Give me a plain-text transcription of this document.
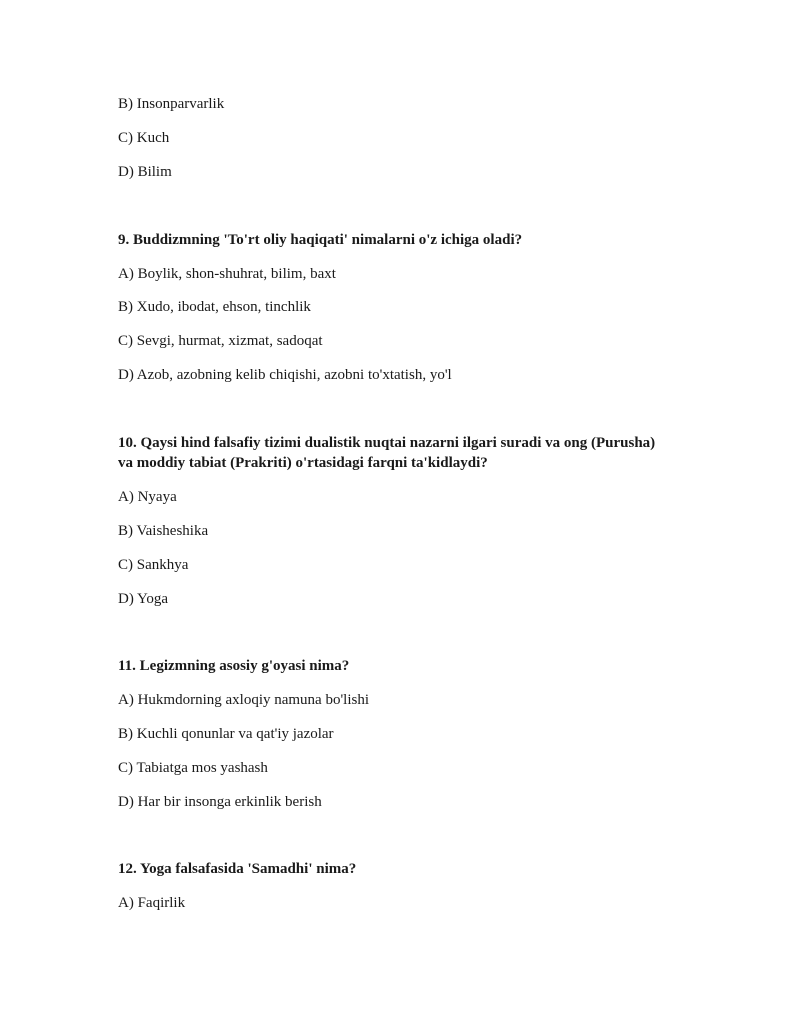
B) Insonparvarlik
C) Kuch
D) Bilim
9. Buddizmning 'To'rt oliy haqiqati' nimalarni o'z ichiga oladi?
A) Boylik, shon-shuhrat, bilim, baxt
B) Xudo, ibodat, ehson, tinchlik
C) Sevgi, hurmat, xizmat, sadoqat
D) Azob, azobning kelib chiqishi, azobni to'xtatish, yo'l
10. Qaysi hind falsafiy tizimi dualistik nuqtai nazarni ilgari suradi va ong (Purusha)
va moddiy tabiat (Prakriti) o'rtasidagi farqni ta'kidlaydi?
A) Nyaya
B) Vaisheshika
C) Sankhya
D) Yoga
11. Legizmning asosiy g'oyasi nima?
A) Hukmdorning axloqiy namuna bo'lishi
B) Kuchli qonunlar va qat'iy jazolar
C) Tabiatga mos yashash
D) Har bir insonga erkinlik berish
12. Yoga falsafasida 'Samadhi' nima?
A) Faqirlik
